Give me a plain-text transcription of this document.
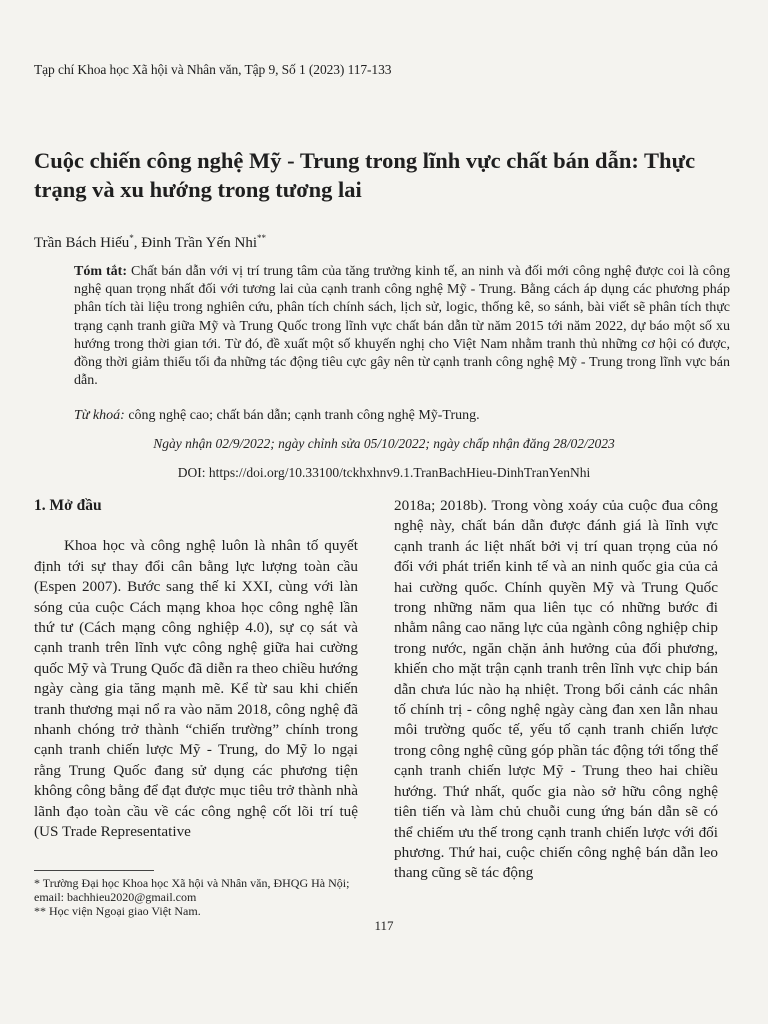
Tạp chí Khoa học Xã hội và Nhân văn, Tập 9, Số 1 (2023) 117-133
Cuộc chiến công nghệ Mỹ - Trung trong lĩnh vực chất bán dẫn: Thực trạng và xu hướng trong tương lai
Trần Bách Hiếu*, Đinh Trần Yến Nhi**
Tóm tắt: Chất bán dẫn với vị trí trung tâm của tăng trưởng kinh tế, an ninh và đối mới công nghệ được coi là công nghệ quan trọng nhất đối với tương lai của cạnh tranh công nghệ Mỹ - Trung. Bằng cách áp dụng các phương pháp phân tích tài liệu trong nghiên cứu, phân tích chính sách, lịch sử, logic, thống kê, so sánh, bài viết sẽ phân tích thực trạng cạnh tranh giữa Mỹ và Trung Quốc trong lĩnh vực chất bán dẫn từ năm 2015 tới năm 2022, dự báo một số xu hướng trong thời gian tới. Từ đó, đề xuất một số khuyến nghị cho Việt Nam nhằm tranh thủ những cơ hội có được, đồng thời giảm thiểu tối đa những tác động tiêu cực gây nên từ cạnh tranh công nghệ Mỹ - Trung trong lĩnh vực bán dẫn.
Từ khoá: công nghệ cao; chất bán dẫn; cạnh tranh công nghệ Mỹ-Trung.
Ngày nhận 02/9/2022; ngày chỉnh sửa 05/10/2022; ngày chấp nhận đăng 28/02/2023
DOI: https://doi.org/10.33100/tckhxhnv9.1.TranBachHieu-DinhTranYenNhi
1. Mở đầu

Khoa học và công nghệ luôn là nhân tố quyết định tới sự thay đổi cân bằng lực lượng toàn cầu (Espen 2007). Bước sang thế kỉ XXI, cùng với làn sóng của cuộc Cách mạng khoa học công nghệ lần thứ tư (Cách mạng công nghiệp 4.0), sự cọ sát và cạnh tranh trên lĩnh vực công nghệ giữa hai cường quốc Mỹ và Trung Quốc đã diễn ra theo chiều hướng ngày càng gia tăng mạnh mẽ. Kể từ sau khi chiến tranh thương mại nổ ra vào năm 2018, công nghệ đã nhanh chóng trở thành “chiến trường” chính trong cạnh tranh chiến lược Mỹ - Trung, do Mỹ lo ngại rằng Trung Quốc đang sử dụng các phương tiện không công bằng để đạt được mục tiêu trở thành nhà lãnh đạo toàn cầu về các công nghệ cốt lõi trí tuệ (US Trade Representative

2018a; 2018b). Trong vòng xoáy của cuộc đua công nghệ này, chất bán dẫn được đánh giá là lĩnh vực cạnh tranh ác liệt nhất bởi vị trí quan trọng của nó đối với phát triển kinh tế và an ninh quốc gia của cả hai cường quốc. Chính quyền Mỹ và Trung Quốc trong những năm qua liên tục có những bước đi nhằm nâng cao năng lực của ngành công nghiệp chip trong nước, ngăn chặn ảnh hưởng của đối phương, khiến cho mặt trận cạnh tranh trên lĩnh vực chip bán dẫn chưa lúc nào hạ nhiệt. Trong bối cảnh các nhân tố chính trị - công nghệ ngày càng đan xen lẫn nhau môi trường quốc tế, yếu tố cạnh tranh chiến lược trong công nghệ cũng góp phần tác động tới tổng thể cạnh tranh chiến lược Mỹ - Trung theo hai chiều hướng. Thứ nhất, quốc gia nào sở hữu công nghệ tiên tiến và làm chủ chuỗi cung ứng bán dẫn sẽ có thể chiếm ưu thế trong cạnh tranh chiến lược với đối phương. Thứ hai, cuộc chiến công nghệ bán dẫn leo thang cũng sẽ tác động

* Trường Đại học Khoa học Xã hội và Nhân văn, ĐHQG Hà Nội; email: bachhieu2020@gmail.com

** Học viện Ngoại giao Việt Nam.

117
